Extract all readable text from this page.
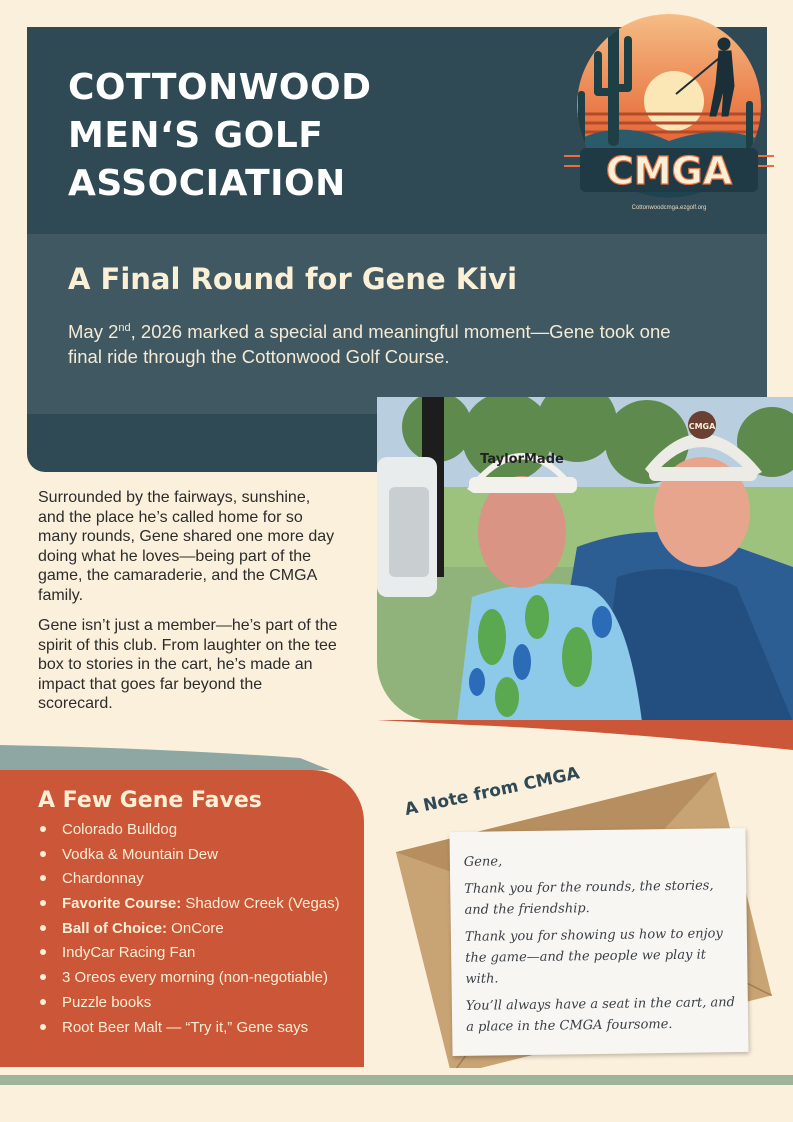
COTTONWOOD
MEN‘S GOLF
ASSOCIATION	CMGA
Cottonwoodcmga.ezgolf.org
A Final Round for Gene Kivi
May 2nd, 2026 marked a special and meaningful moment—Gene took one final ride through the Cottonwood Golf Course.
TaylorMade
CMGA

Surrounded by the fairways, sunshine, and the place he’s called home for so many rounds, Gene shared one more day doing what he loves—being part of the game, the camaraderie, and the CMGA family.

Gene isn’t just a member—he’s part of the spirit of this club. From laughter on the tee box to stories in the cart, he’s made an impact that goes far beyond the scorecard.

A Few Gene Faves
Colorado Bulldog
Vodka & Mountain Dew
Chardonnay
Favorite Course: Shadow Creek (Vegas)
Ball of Choice: OnCore
IndyCar Racing Fan
3 Oreos every morning (non-negotiable)
Puzzle books
Root Beer Malt — “Try it,” Gene says
A Note from CMGA

Gene,

Thank you for the rounds, the stories, and the friendship.

Thank you for showing us how to enjoy the game—and the people we play it with.

You’ll always have a seat in the cart, and a place in the CMGA foursome.
